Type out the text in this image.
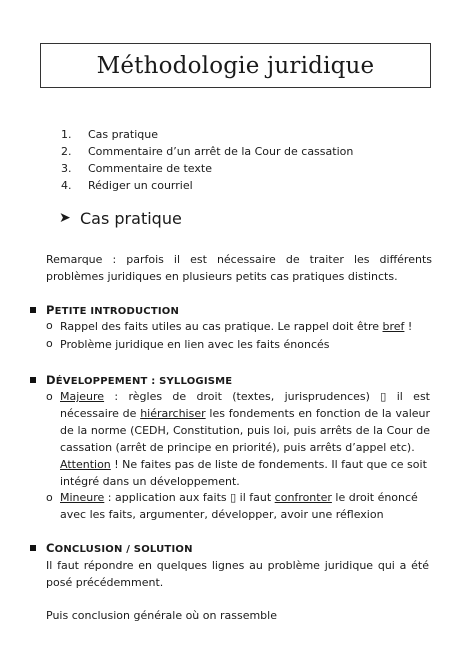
Méthodologie juridique
1. Cas pratique
2. Commentaire d’un arrêt de la Cour de cassation
3. Commentaire de texte
4. Rédiger un courriel
➤ Cas pratique
Remarque : parfois il est nécessaire de traiter les différents problèmes juridiques en plusieurs petits cas pratiques distincts.
PETITE INTRODUCTION
o Rappel des faits utiles au cas pratique. Le rappel doit être bref !
o Problème juridique en lien avec les faits énoncés
DÉVELOPPEMENT : SYLLOGISME
o Majeure : règles de droit (textes, jurisprudences) ▯ il est nécessaire de hiérarchiser les fondements en fonction de la valeur de la norme (CEDH, Constitution, puis loi, puis arrêts de la Cour de cassation (arrêt de principe en priorité), puis arrêts d’appel etc).
Attention ! Ne faites pas de liste de fondements. Il faut que ce soit intégré dans un développement.
o Mineure : application aux faits ▯ il faut confronter le droit énoncé avec les faits, argumenter, développer, avoir une réflexion
CONCLUSION / SOLUTION
Il faut répondre en quelques lignes au problème juridique qui a été posé précédemment.
Puis conclusion générale où on rassemble
